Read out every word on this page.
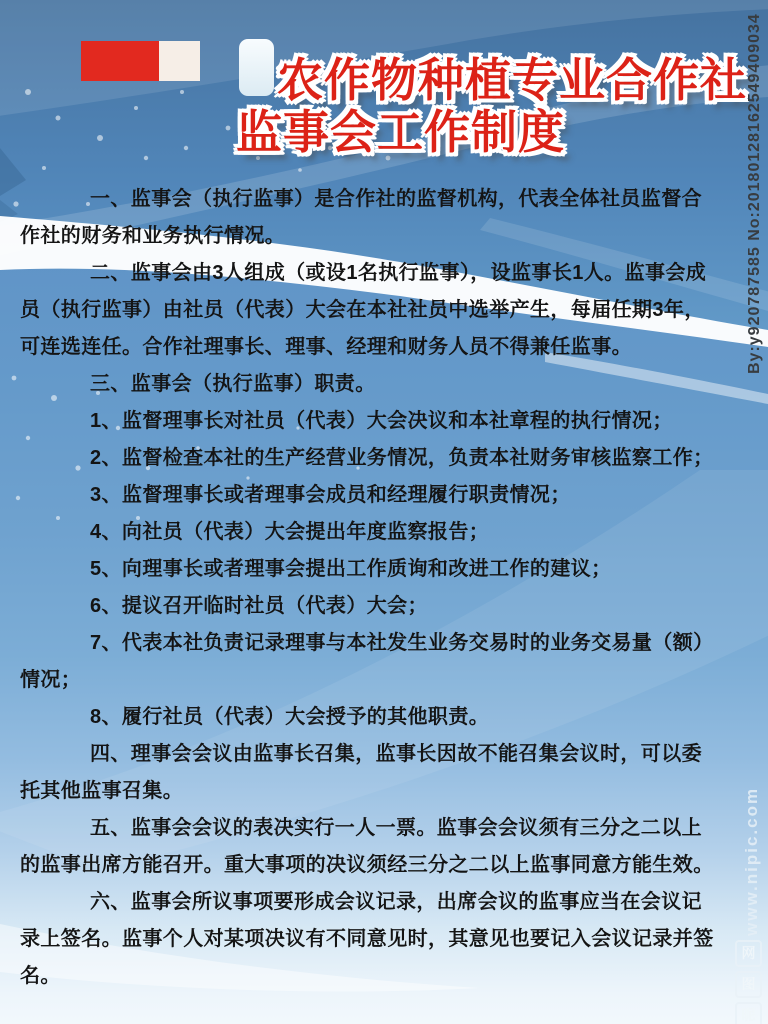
农作物种植专业合作社
监事会工作制度

一、监事会（执行监事）是合作社的监督机构，代表全体社员监督合作社的财务和业务执行情况。

二、监事会由3人组成（或设1名执行监事），设监事长1人。监事会成员（执行监事）由社员（代表）大会在本社社员中选举产生，每届任期3年，可连选连任。合作社理事长、理事、经理和财务人员不得兼任监事。

三、监事会（执行监事）职责。

1、监督理事长对社员（代表）大会决议和本社章程的执行情况；

2、监督检查本社的生产经营业务情况，负责本社财务审核监察工作；

3、监督理事长或者理事会成员和经理履行职责情况；

4、向社员（代表）大会提出年度监察报告；

5、向理事长或者理事会提出工作质询和改进工作的建议；

6、提议召开临时社员（代表）大会；

7、代表本社负责记录理事与本社发生业务交易时的业务交易量（额）情况；

8、履行社员（代表）大会授予的其他职责。

四、理事会会议由监事长召集，监事长因故不能召集会议时，可以委托其他监事召集。

五、监事会会议的表决实行一人一票。监事会会议须有三分之二以上的监事出席方能召开。重大事项的决议须经三分之二以上监事同意方能生效。

六、监事会所议事项要形成会议记录，出席会议的监事应当在会议记录上签名。监事个人对某项决议有不同意见时，其意见也要记入会议记录并签名。

By:y920787585 No:20180128162549409034
www.nipic.com
网
图
昵
